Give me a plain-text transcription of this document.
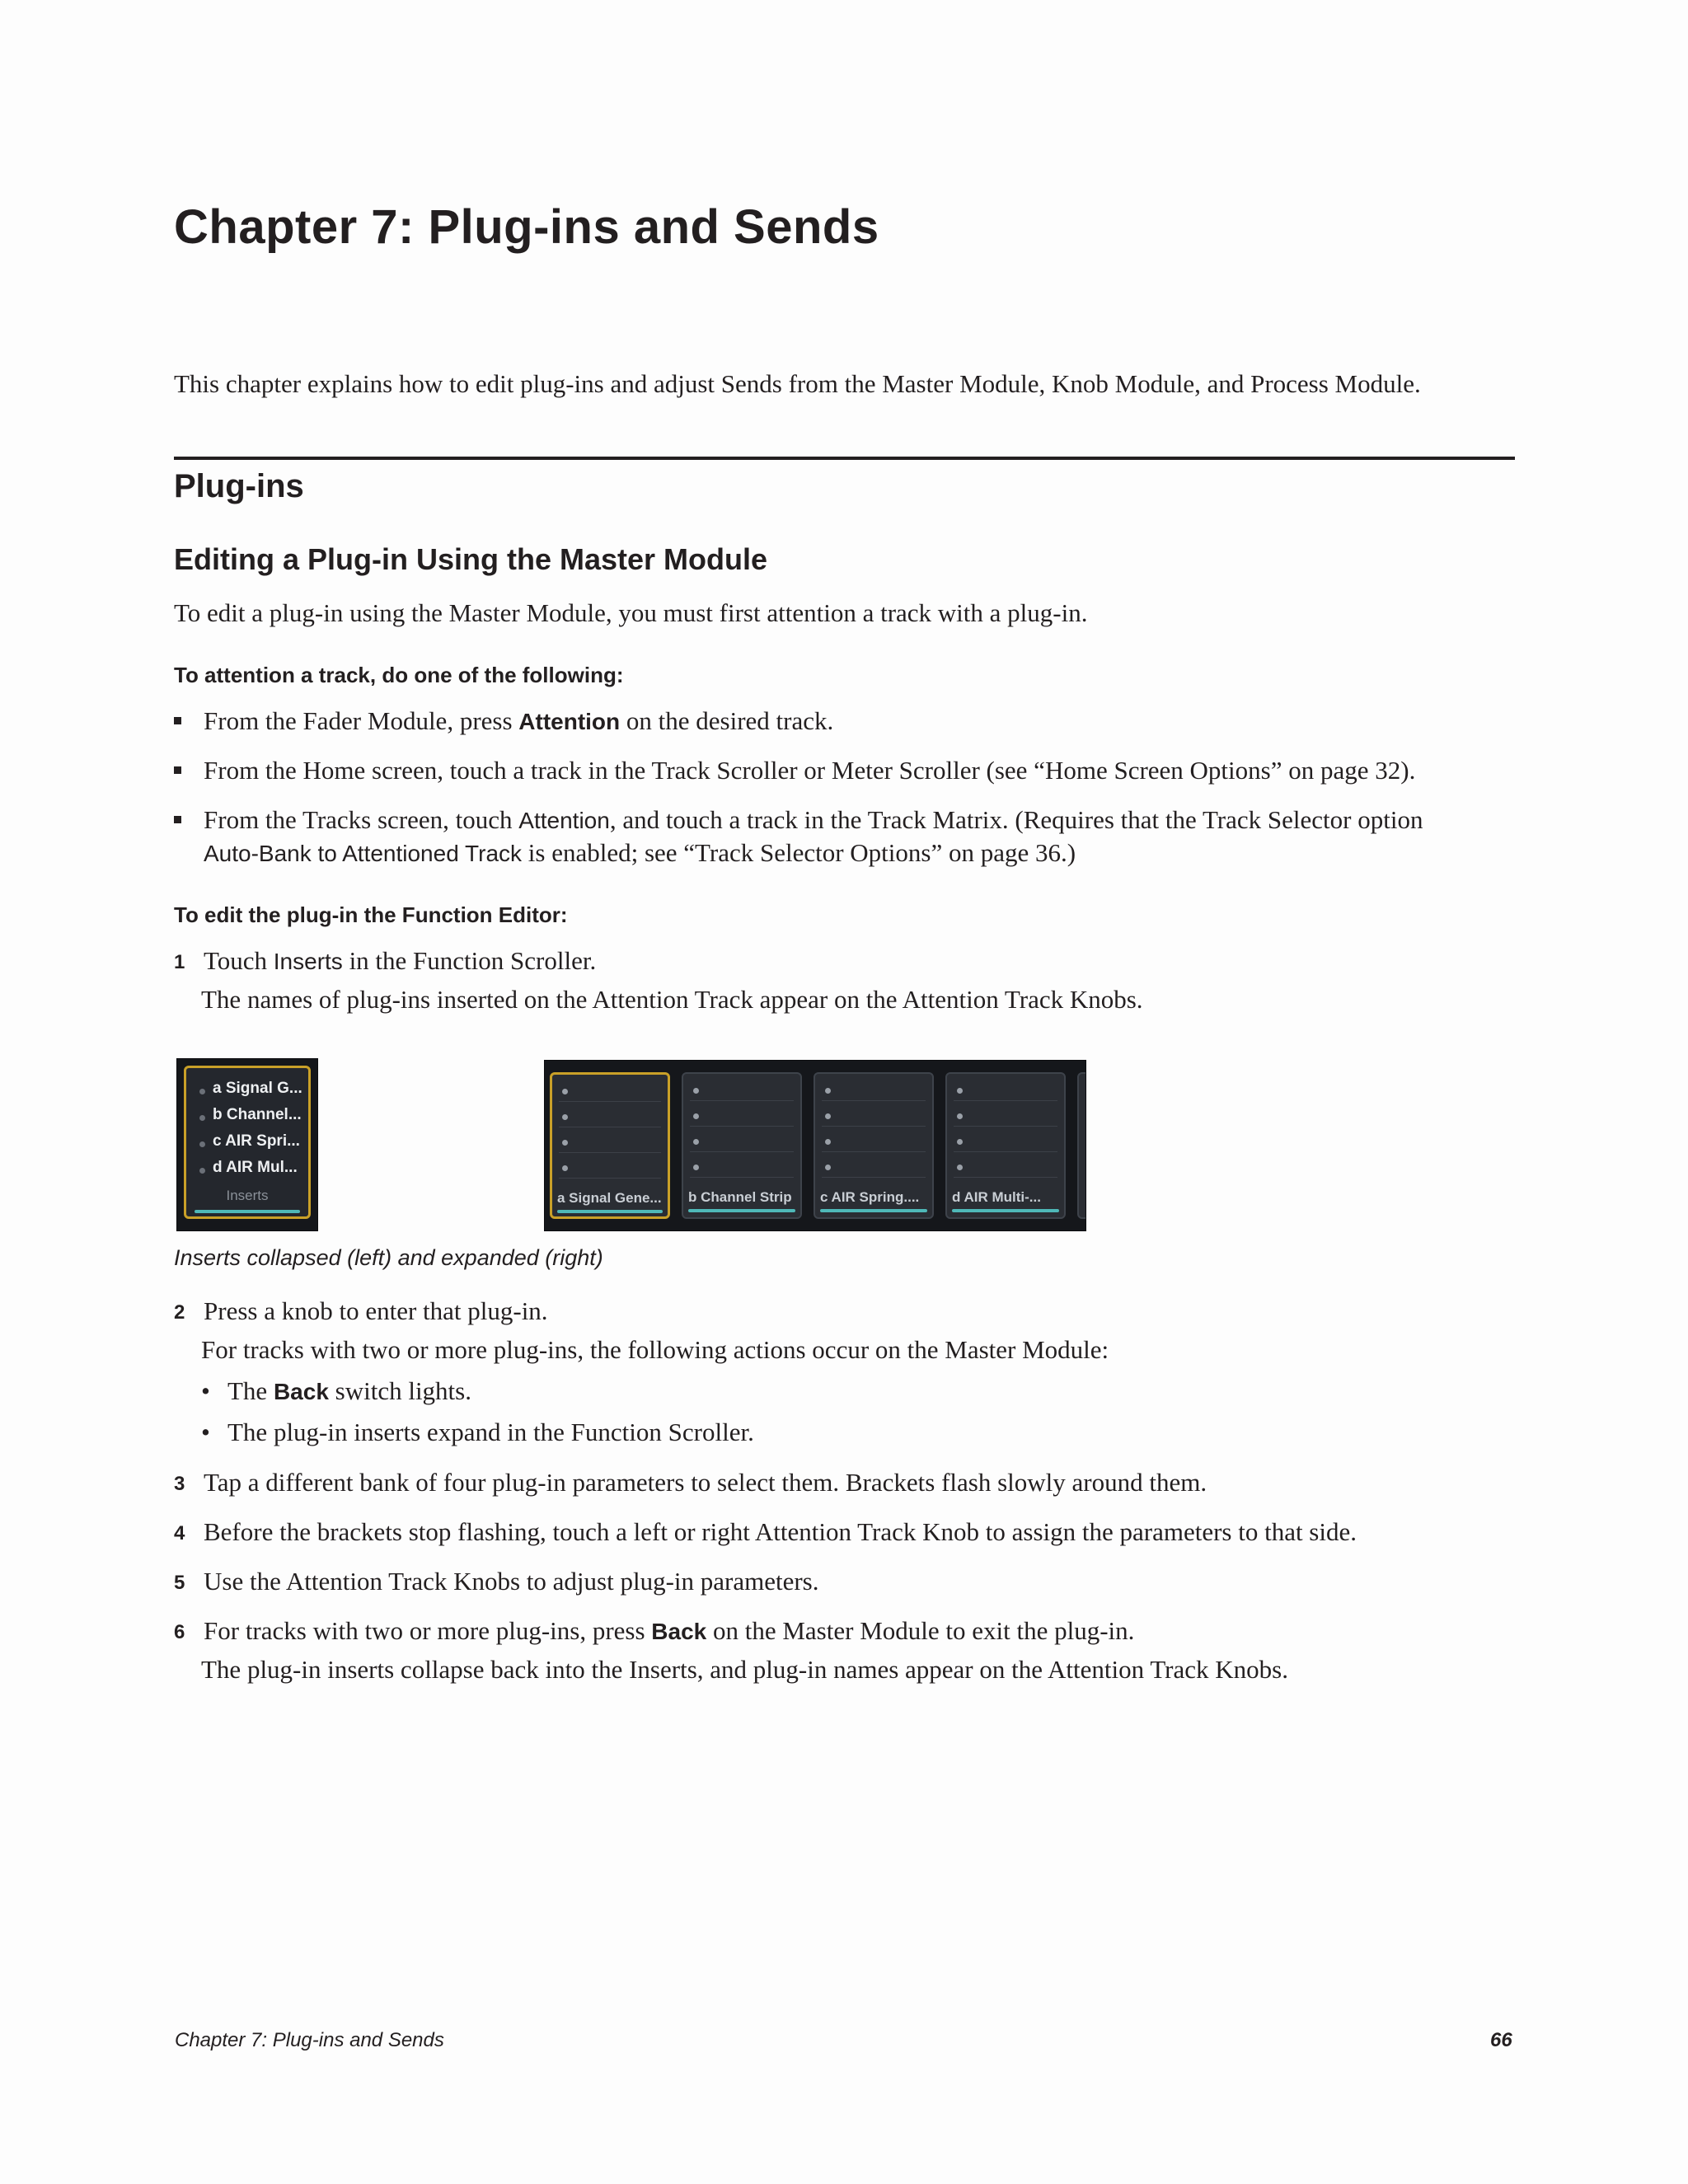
Chapter 7: Plug-ins and Sends
This chapter explains how to edit plug-ins and adjust Sends from the Master Module, Knob Module, and Process Module.
Plug-ins
Editing a Plug-in Using the Master Module
To edit a plug-in using the Master Module, you must first attention a track with a plug-in.
To attention a track, do one of the following:
From the Fader Module, press Attention on the desired track.
From the Home screen, touch a track in the Track Scroller or Meter Scroller (see “Home Screen Options” on page 32).
From the Tracks screen, touch Attention, and touch a track in the Track Matrix. (Requires that the Track Selector option
Auto-Bank to Attentioned Track is enabled; see “Track Selector Options” on page 36.)
To edit the plug-in the Function Editor:
1 Touch Inserts in the Function Scroller.
The names of plug-ins inserted on the Attention Track appear on the Attention Track Knobs.
a Signal G...
b Channel...
c AIR Spri...
d AIR Mul...
Inserts	a Signal Gene... b Channel Strip c AIR Spring.... d AIR Multi-...
Inserts collapsed (left) and expanded (right)
2 Press a knob to enter that plug-in.
For tracks with two or more plug-ins, the following actions occur on the Master Module:
• The Back switch lights.
• The plug-in inserts expand in the Function Scroller.
3 Tap a different bank of four plug-in parameters to select them. Brackets flash slowly around them.
4 Before the brackets stop flashing, touch a left or right Attention Track Knob to assign the parameters to that side.
5 Use the Attention Track Knobs to adjust plug-in parameters.
6 For tracks with two or more plug-ins, press Back on the Master Module to exit the plug-in.
The plug-in inserts collapse back into the Inserts, and plug-in names appear on the Attention Track Knobs.
Chapter 7: Plug-ins and Sends	66
